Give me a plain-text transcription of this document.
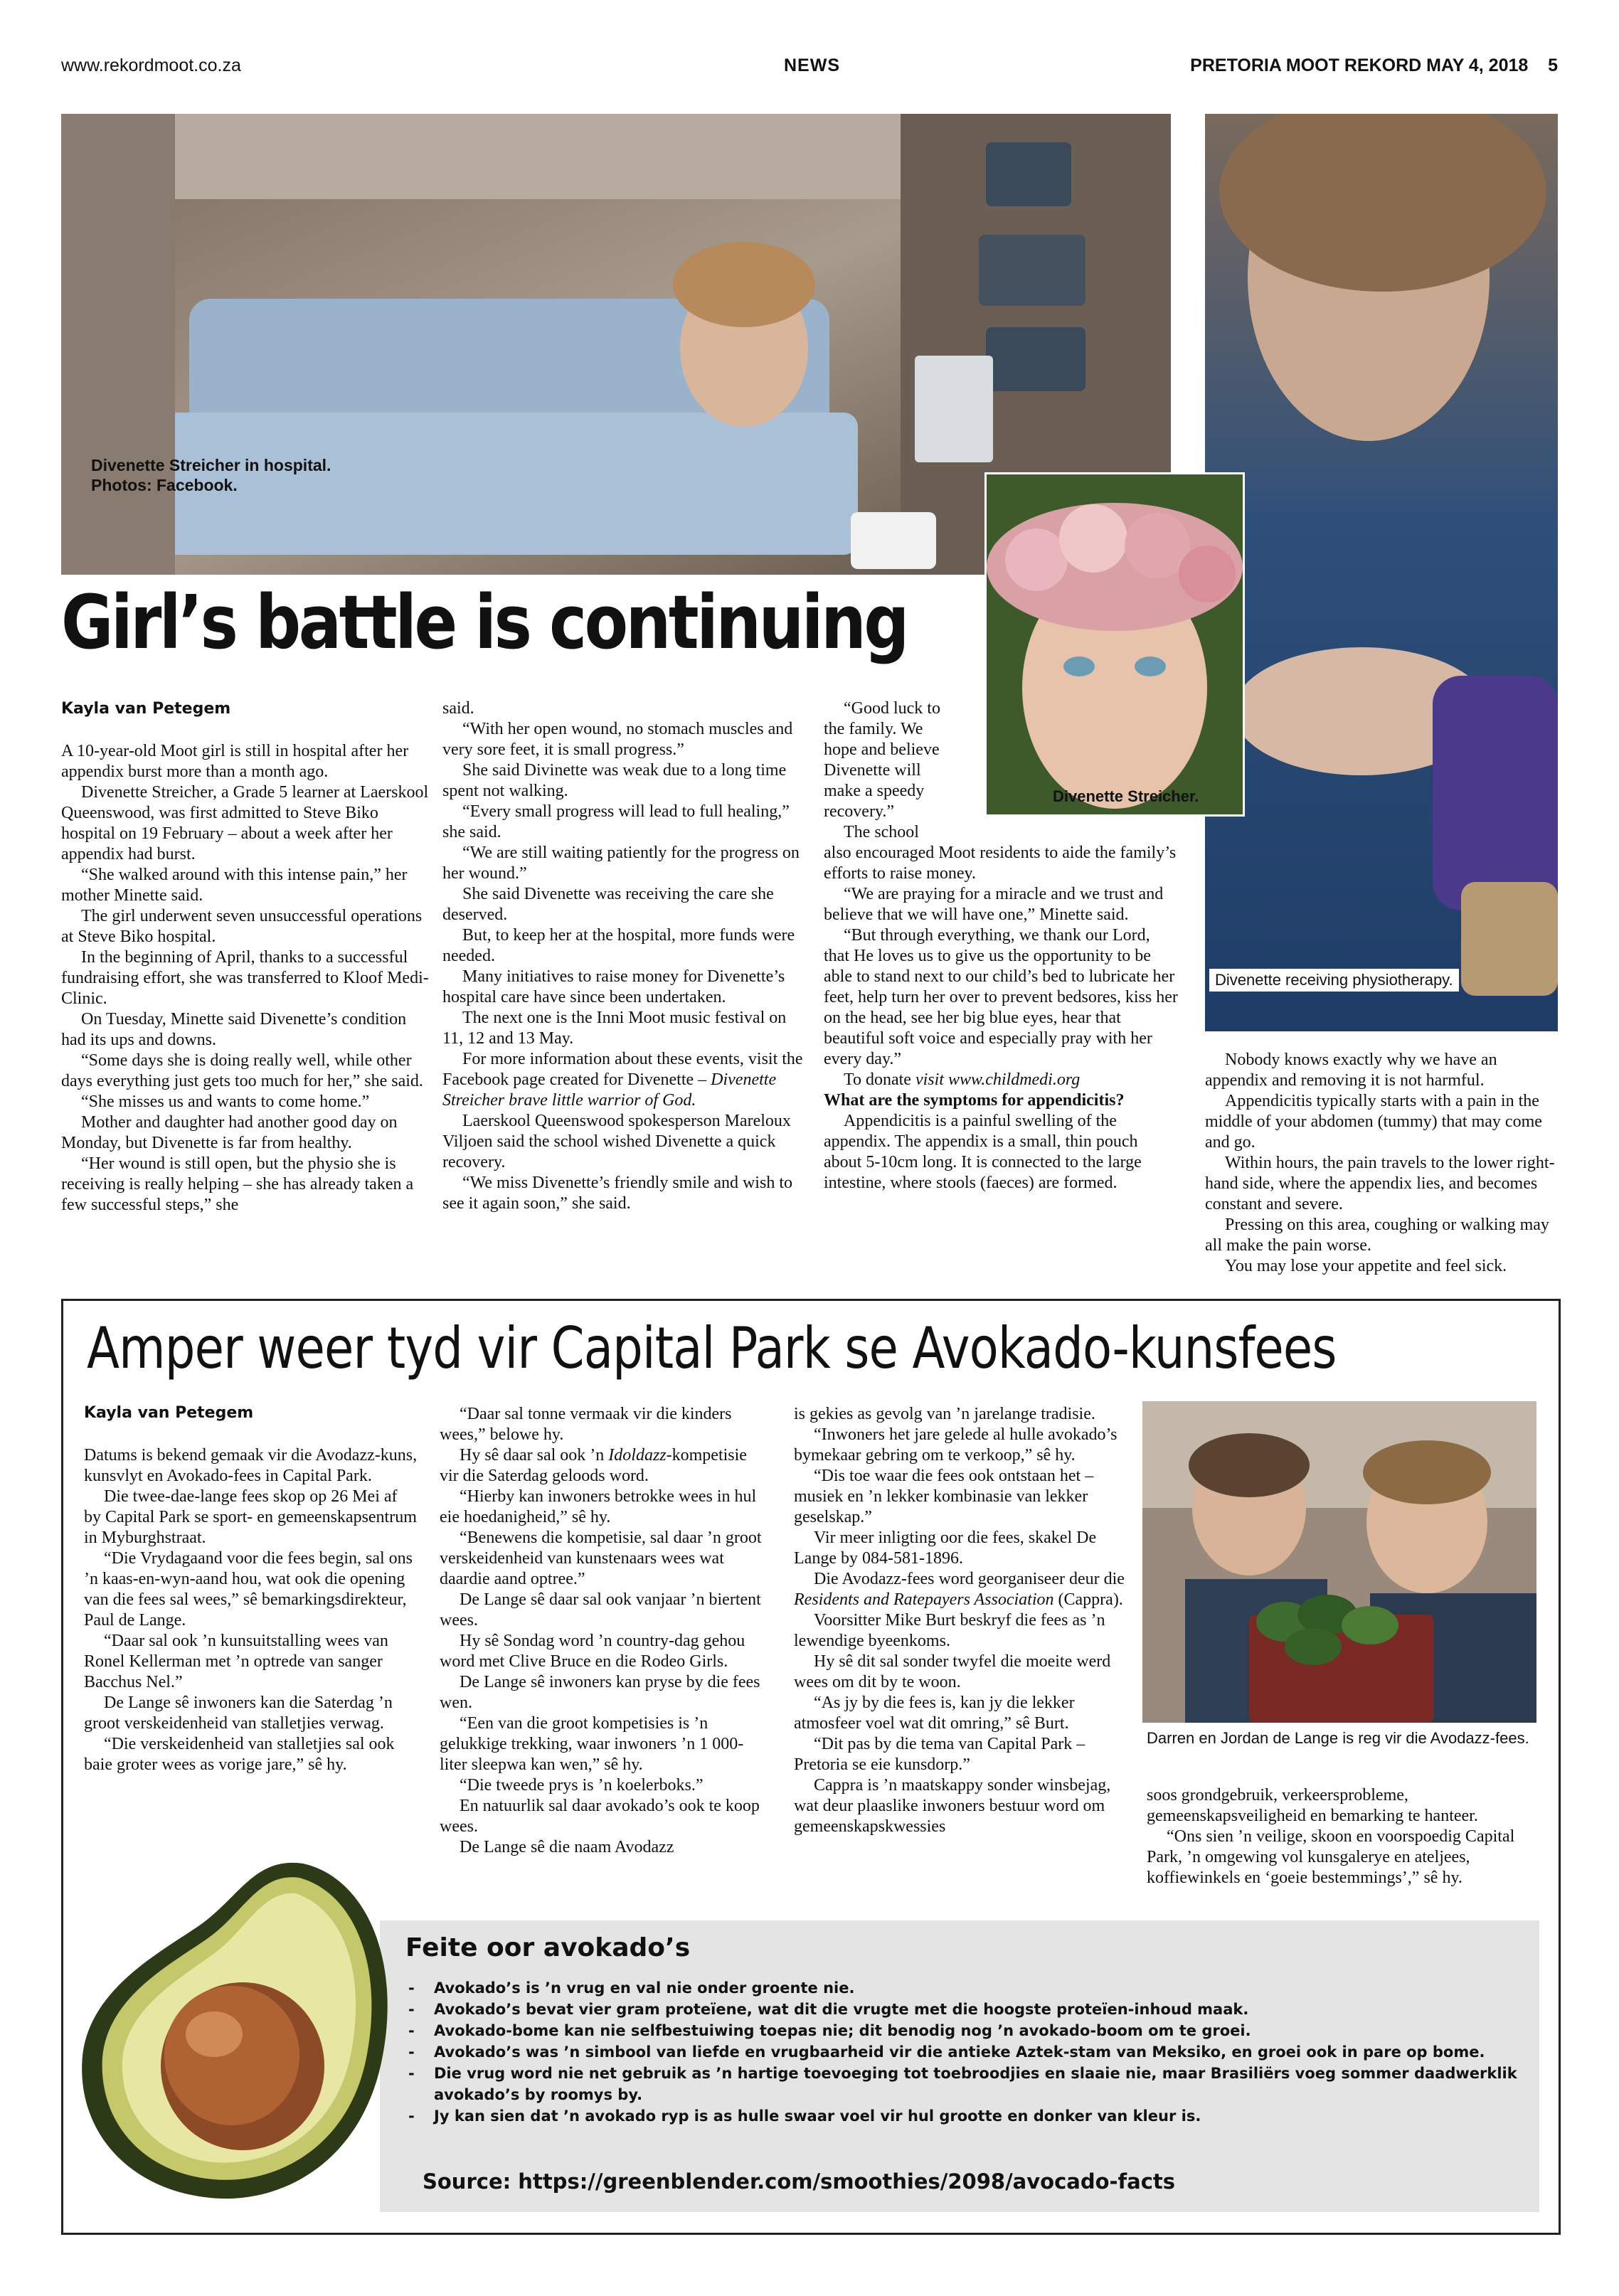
www.rekordmoot.co.za	NEWS	PRETORIA MOOT REKORD MAY 4, 2018 5
Divenette Streicher in hospital.
Photos: Facebook.
Divenette receiving physiotherapy.
Divenette Streicher.
Girl’s battle is continuing
Kayla van Petegem

A 10-year-old Moot girl is still in hospital after her appendix burst more than a month ago.

Divenette Streicher, a Grade 5 learner at Laerskool Queenswood, was first admitted to Steve Biko hospital on 19 February – about a week after her appendix had burst.

“She walked around with this intense pain,” her mother Minette said.

The girl underwent seven unsuccessful operations at Steve Biko hospital.

In the beginning of April, thanks to a successful fundraising effort, she was transferred to Kloof Medi-Clinic.

On Tuesday, Minette said Divenette’s condition had its ups and downs.

“Some days she is doing really well, while other days everything just gets too much for her,” she said.

“She misses us and wants to come home.”

Mother and daughter had another good day on Monday, but Divenette is far from healthy.

“Her wound is still open, but the physio she is receiving is really helping – she has already taken a few successful steps,” she

said.

“With her open wound, no stomach muscles and very sore feet, it is small progress.”

She said Divinette was weak due to a long time spent not walking.

“Every small progress will lead to full healing,” she said.

“We are still waiting patiently for the progress on her wound.”

She said Divenette was receiving the care she deserved.

But, to keep her at the hospital, more funds were needed.

Many initiatives to raise money for Divenette’s hospital care have since been undertaken.

The next one is the Inni Moot music festival on 11, 12 and 13 May.

For more information about these events, visit the Facebook page created for Divenette – Divenette Streicher brave little warrior of God.

Laerskool Queenswood spokesperson Mareloux Viljoen said the school wished Divenette a quick recovery.

“We miss Divenette’s friendly smile and wish to see it again soon,” she said.

“Good luck to

the family. We

hope and believe

Divenette will

make a speedy

recovery.”

The school

also encouraged Moot residents to aide the family’s efforts to raise money.

“We are praying for a miracle and we trust and believe that we will have one,” Minette said.

“But through everything, we thank our Lord, that He loves us to give us the opportunity to be able to stand next to our child’s bed to lubricate her feet, help turn her over to prevent bedsores, kiss her on the head, see her big blue eyes, hear that beautiful soft voice and especially pray with her every day.”

To donate visit www.childmedi.org

What are the symptoms for appendicitis?

Appendicitis is a painful swelling of the appendix. The appendix is a small, thin pouch about 5-10cm long. It is connected to the large intestine, where stools (faeces) are formed.

Nobody knows exactly why we have an appendix and removing it is not harmful.

Appendicitis typically starts with a pain in the middle of your abdomen (tummy) that may come and go.

Within hours, the pain travels to the lower right-hand side, where the appendix lies, and becomes constant and severe.

Pressing on this area, coughing or walking may all make the pain worse.

You may lose your appetite and feel sick.

Amper weer tyd vir Capital Park se Avokado-kunsfees
Kayla van Petegem

Datums is bekend gemaak vir die Avodazz-kuns, kunsvlyt en Avokado-fees in Capital Park.

Die twee-dae-lange fees skop op 26 Mei af by Capital Park se sport- en gemeenskapsentrum in Myburghstraat.

“Die Vrydagaand voor die fees begin, sal ons ’n kaas-en-wyn-aand hou, wat ook die opening van die fees sal wees,” sê bemarkingsdirekteur, Paul de Lange.

“Daar sal ook ’n kunsuitstalling wees van Ronel Kellerman met ’n optrede van sanger Bacchus Nel.”

De Lange sê inwoners kan die Saterdag ’n groot verskeidenheid van stalletjies verwag.

“Die verskeidenheid van stalletjies sal ook baie groter wees as vorige jare,” sê hy.

“Daar sal tonne vermaak vir die kinders wees,” belowe hy.

Hy sê daar sal ook ’n Idoldazz-kompetisie vir die Saterdag geloods word.

“Hierby kan inwoners betrokke wees in hul eie hoedanigheid,” sê hy.

“Benewens die kompetisie, sal daar ’n groot verskeidenheid van kunstenaars wees wat daardie aand optree.”

De Lange sê daar sal ook vanjaar ’n biertent wees.

Hy sê Sondag word ’n country-dag gehou word met Clive Bruce en die Rodeo Girls.

De Lange sê inwoners kan pryse by die fees wen.

“Een van die groot kompetisies is ’n gelukkige trekking, waar inwoners ’n 1 000-liter sleepwa kan wen,” sê hy.

“Die tweede prys is ’n koelerboks.”

En natuurlik sal daar avokado’s ook te koop wees.

De Lange sê die naam Avodazz

is gekies as gevolg van ’n jarelange tradisie.

“Inwoners het jare gelede al hulle avokado’s bymekaar gebring om te verkoop,” sê hy.

“Dis toe waar die fees ook ontstaan het – musiek en ’n lekker kombinasie van lekker geselskap.”

Vir meer inligting oor die fees, skakel De Lange by 084-581-1896.

Die Avodazz-fees word georganiseer deur die Residents and Ratepayers Association (Cappra).

Voorsitter Mike Burt beskryf die fees as ’n lewendige byeenkoms.

Hy sê dit sal sonder twyfel die moeite werd wees om dit by te woon.

“As jy by die fees is, kan jy die lekker atmosfeer voel wat dit omring,” sê Burt.

“Dit pas by die tema van Capital Park – Pretoria se eie kunsdorp.”

Cappra is ’n maatskappy sonder winsbejag, wat deur plaaslike inwoners bestuur word om gemeenskapskwessies

Darren en Jordan de Lange is reg vir die Avodazz-fees.

soos grondgebruik, verkeersprobleme, gemeenskapsveiligheid en bemarking te hanteer.

“Ons sien ’n veilige, skoon en voorspoedig Capital Park, ’n omgewing vol kunsgalerye en ateljees, koffiewinkels en ‘goeie bestemmings’,” sê hy.

Feite oor avokado’s
-	Avokado’s is ’n vrug en val nie onder groente nie.
-	Avokado’s bevat vier gram proteïene, wat dit die vrugte met die hoogste proteïen-inhoud maak.
-	Avokado-bome kan nie selfbestuiwing toepas nie; dit benodig nog ’n avokado-boom om te groei.
-	Avokado’s was ’n simbool van liefde en vrugbaarheid vir die antieke Aztek-stam van Meksiko, en groei ook in pare op bome.
-	Die vrug word nie net gebruik as ’n hartige toevoeging tot toebroodjies en slaaie nie, maar Brasiliërs voeg sommer daadwerklik avokado’s by roomys by.
-	Jy kan sien dat ’n avokado ryp is as hulle swaar voel vir hul grootte en donker van kleur is.
Source: https://greenblender.com/smoothies/2098/avocado-facts
